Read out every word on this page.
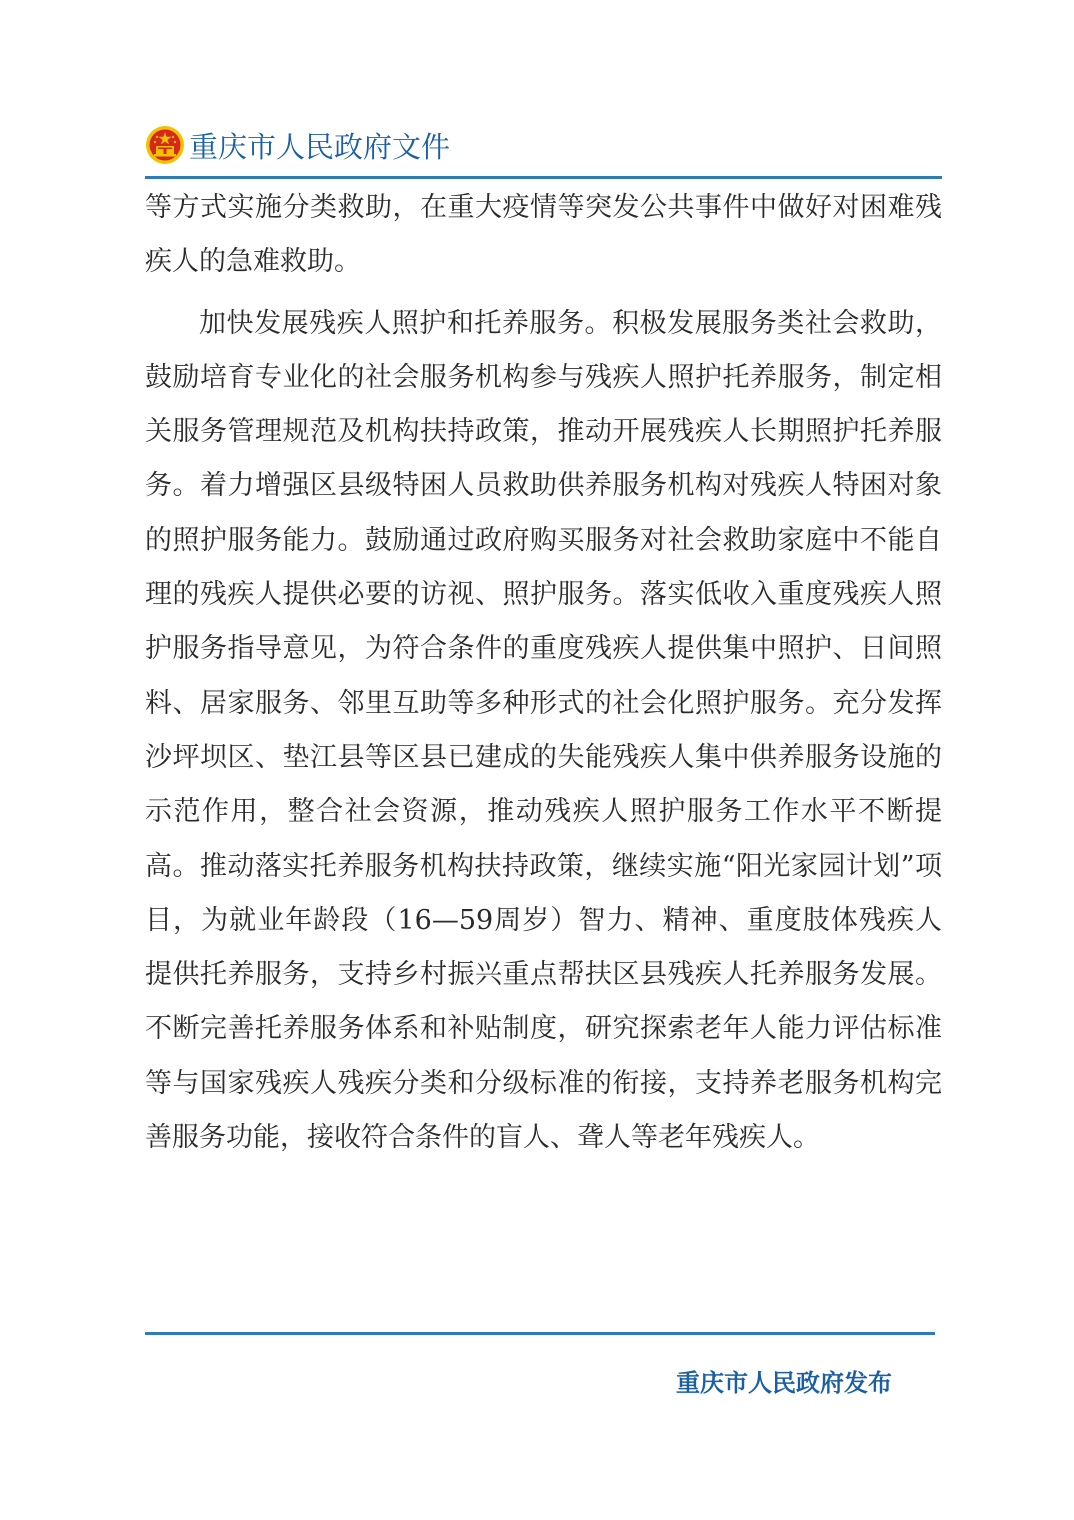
重庆市人民政府文件

等方式实施分类救助，在重大疫情等突发公共事件中做好对困难残疾人的急难救助。

加快发展残疾人照护和托养服务。积极发展服务类社会救助，鼓励培育专业化的社会服务机构参与残疾人照护托养服务，制定相关服务管理规范及机构扶持政策，推动开展残疾人长期照护托养服务。着力增强区县级特困人员救助供养服务机构对残疾人特困对象的照护服务能力。鼓励通过政府购买服务对社会救助家庭中不能自理的残疾人提供必要的访视、照护服务。落实低收入重度残疾人照护服务指导意见，为符合条件的重度残疾人提供集中照护、日间照料、居家服务、邻里互助等多种形式的社会化照护服务。充分发挥沙坪坝区、垫江县等区县已建成的失能残疾人集中供养服务设施的示范作用，整合社会资源，推动残疾人照护服务工作水平不断提高。推动落实托养服务机构扶持政策，继续实施“阳光家园计划”项目，为就业年龄段（16—59周岁）智力、精神、重度肢体残疾人提供托养服务，支持乡村振兴重点帮扶区县残疾人托养服务发展。不断完善托养服务体系和补贴制度，研究探索老年人能力评估标准等与国家残疾人残疾分类和分级标准的衔接，支持养老服务机构完善服务功能，接收符合条件的盲人、聋人等老年残疾人。

重庆市人民政府发布
